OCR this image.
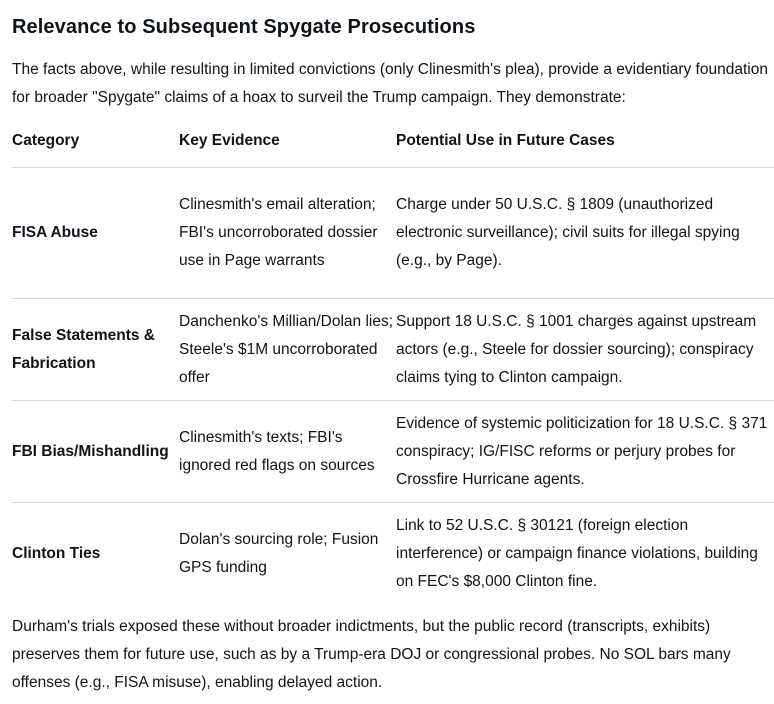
Relevance to Subsequent Spygate Prosecutions

The facts above, while resulting in limited convictions (only Clinesmith's plea), provide a evidentiary foundation for broader "Spygate" claims of a hoax to surveil the Trump campaign. They demonstrate:

Category	Key Evidence	Potential Use in Future Cases
FISA Abuse	Clinesmith's email alteration; FBI's uncorroborated dossier use in Page warrants	Charge under 50 U.S.C. § 1809 (unauthorized electronic surveillance); civil suits for illegal spying (e.g., by Page).
False Statements & Fabrication	Danchenko's Millian/Dolan lies; Steele's $1M uncorroborated offer	Support 18 U.S.C. § 1001 charges against upstream actors (e.g., Steele for dossier sourcing); conspiracy claims tying to Clinton campaign.
FBI Bias/Mishandling	Clinesmith's texts; FBI's ignored red flags on sources	Evidence of systemic politicization for 18 U.S.C. § 371 conspiracy; IG/FISC reforms or perjury probes for Crossfire Hurricane agents.
Clinton Ties	Dolan's sourcing role; Fusion GPS funding	Link to 52 U.S.C. § 30121 (foreign election interference) or campaign finance violations, building on FEC's $8,000 Clinton fine.

Durham's trials exposed these without broader indictments, but the public record (transcripts, exhibits) preserves them for future use, such as by a Trump-era DOJ or congressional probes. No SOL bars many offenses (e.g., FISA misuse), enabling delayed action.
